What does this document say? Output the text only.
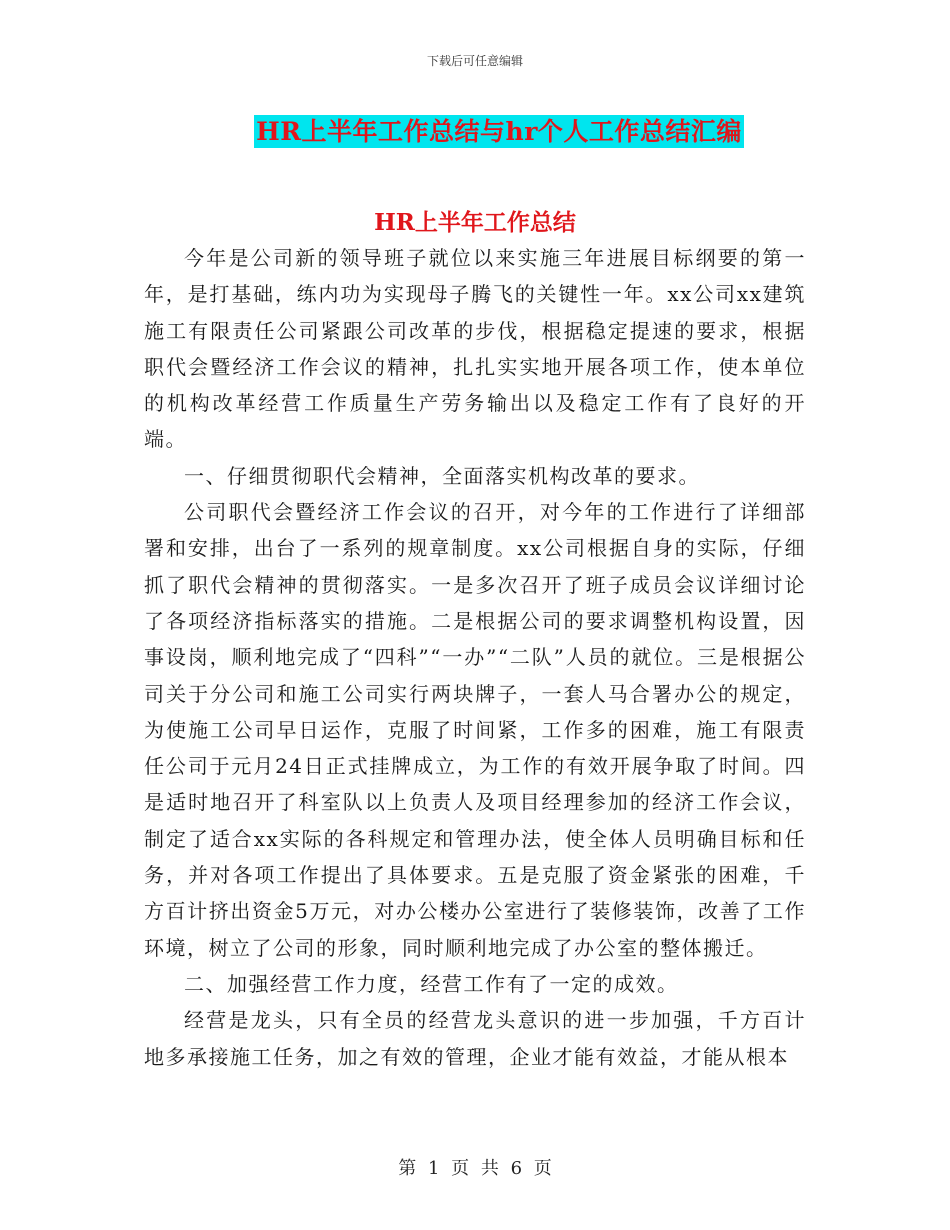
下载后可任意编辑
HR上半年工作总结与hr个人工作总结汇编
HR上半年工作总结

今年是公司新的领导班子就位以来实施三年进展目标纲要的第一年，是打基础，练内功为实现母子腾飞的关键性一年。xx公司xx建筑施工有限责任公司紧跟公司改革的步伐，根据稳定提速的要求，根据职代会暨经济工作会议的精神，扎扎实实地开展各项工作，使本单位的机构改革经营工作质量生产劳务输出以及稳定工作有了良好的开端。

一、仔细贯彻职代会精神，全面落实机构改革的要求。

公司职代会暨经济工作会议的召开，对今年的工作进行了详细部署和安排，出台了一系列的规章制度。xx公司根据自身的实际，仔细抓了职代会精神的贯彻落实。一是多次召开了班子成员会议详细讨论了各项经济指标落实的措施。二是根据公司的要求调整机构设置，因事设岗，顺利地完成了“四科”“一办”“二队”人员的就位。三是根据公司关于分公司和施工公司实行两块牌子，一套人马合署办公的规定，为使施工公司早日运作，克服了时间紧，工作多的困难，施工有限责任公司于元月24日正式挂牌成立，为工作的有效开展争取了时间。四是适时地召开了科室队以上负责人及项目经理参加的经济工作会议，制定了适合xx实际的各科规定和管理办法，使全体人员明确目标和任务，并对各项工作提出了具体要求。五是克服了资金紧张的困难，千方百计挤出资金5万元，对办公楼办公室进行了装修装饰，改善了工作环境，树立了公司的形象，同时顺利地完成了办公室的整体搬迁。

二、加强经营工作力度，经营工作有了一定的成效。

经营是龙头，只有全员的经营龙头意识的进一步加强，千方百计地多承接施工任务，加之有效的管理，企业才能有效益，才能从根本

第 1 页 共 6 页
